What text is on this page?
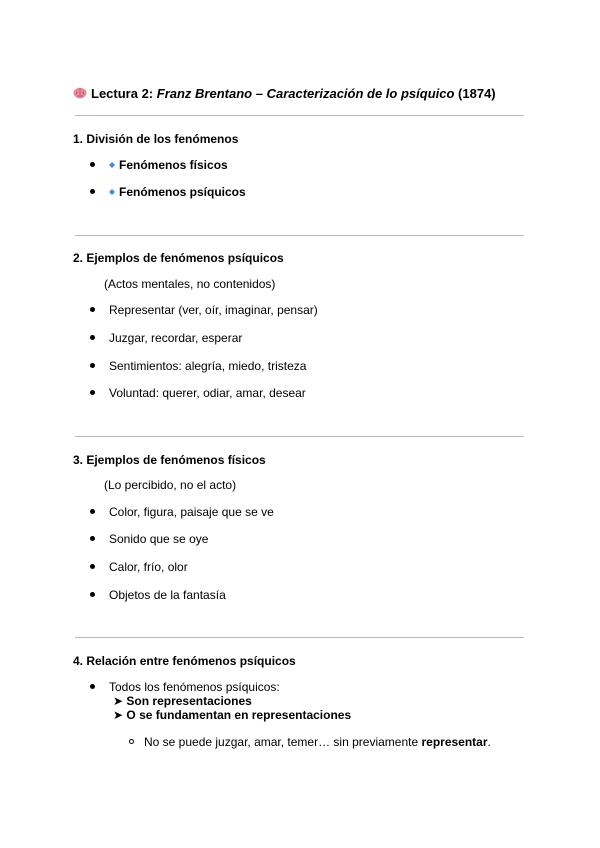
Lectura 2: Franz Brentano – Caracterización de lo psíquico (1874)
1. División de los fenómenos
Fenómenos físicos
Fenómenos psíquicos
2. Ejemplos de fenómenos psíquicos
(Actos mentales, no contenidos)
Representar (ver, oír, imaginar, pensar)
Juzgar, recordar, esperar
Sentimientos: alegría, miedo, tristeza
Voluntad: querer, odiar, amar, desear
3. Ejemplos de fenómenos físicos
(Lo percibido, no el acto)
Color, figura, paisaje que se ve
Sonido que se oye
Calor, frío, olor
Objetos de la fantasía
4. Relación entre fenómenos psíquicos
Todos los fenómenos psíquicos:
➤ Son representaciones
➤ O se fundamentan en representaciones
No se puede juzgar, amar, temer… sin previamente representar.
